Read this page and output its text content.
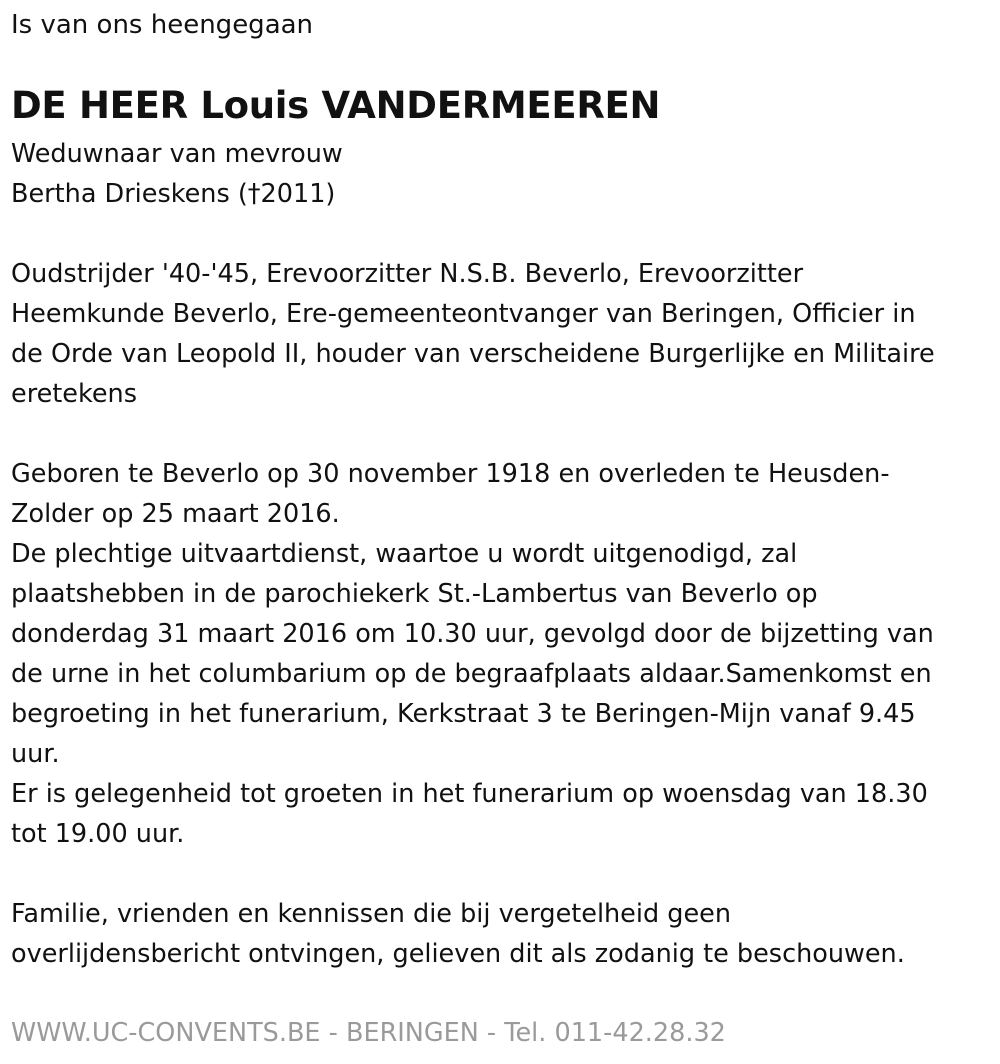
Is van ons heengegaan
DE HEER Louis VANDERMEEREN
Weduwnaar van mevrouw
Bertha Drieskens (†2011)
Oudstrijder '40-'45, Erevoorzitter N.S.B. Beverlo, Erevoorzitter
Heemkunde Beverlo, Ere-gemeenteontvanger van Beringen, Officier in
de Orde van Leopold II, houder van verscheidene Burgerlijke en Militaire
eretekens
Geboren te Beverlo op 30 november 1918 en overleden te Heusden-
Zolder op 25 maart 2016.
De plechtige uitvaartdienst, waartoe u wordt uitgenodigd, zal
plaatshebben in de parochiekerk St.-Lambertus van Beverlo op
donderdag 31 maart 2016 om 10.30 uur, gevolgd door de bijzetting van
de urne in het columbarium op de begraafplaats aldaar.Samenkomst en
begroeting in het funerarium, Kerkstraat 3 te Beringen-Mijn vanaf 9.45
uur.
Er is gelegenheid tot groeten in het funerarium op woensdag van 18.30
tot 19.00 uur.
Familie, vrienden en kennissen die bij vergetelheid geen
overlijdensbericht ontvingen, gelieven dit als zodanig te beschouwen.
WWW.UC-CONVENTS.BE - BERINGEN - Tel. 011-42.28.32
